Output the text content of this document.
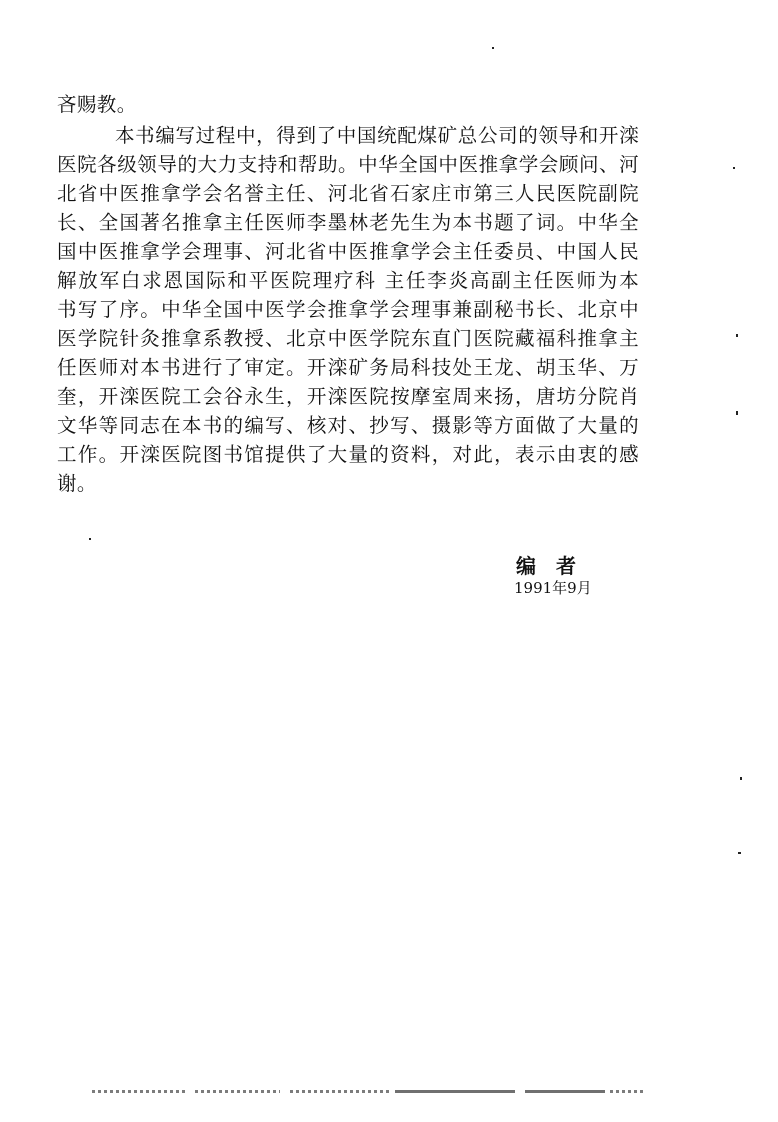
吝赐教。
本书编写过程中，得到了中国统配煤矿总公司的领导和开滦
医院各级领导的大力支持和帮助。中华全国中医推拿学会顾问、河
北省中医推拿学会名誉主任、河北省石家庄市第三人民医院副院
长、全国著名推拿主任医师李墨林老先生为本书题了词。中华全
国中医推拿学会理事、河北省中医推拿学会主任委员、中国人民
解放军白求恩国际和平医院理疗科 主任李炎高副主任医师为本
书写了序。中华全国中医学会推拿学会理事兼副秘书长、北京中
医学院针灸推拿系教授、北京中医学院东直门医院藏福科推拿主
任医师对本书进行了审定。开滦矿务局科技处王龙、胡玉华、万
奎，开滦医院工会谷永生，开滦医院按摩室周来扬，唐坊分院肖
文华等同志在本书的编写、核对、抄写、摄影等方面做了大量的
工作。开滦医院图书馆提供了大量的资料，对此，表示由衷的感
谢。
编者
1991年9月
